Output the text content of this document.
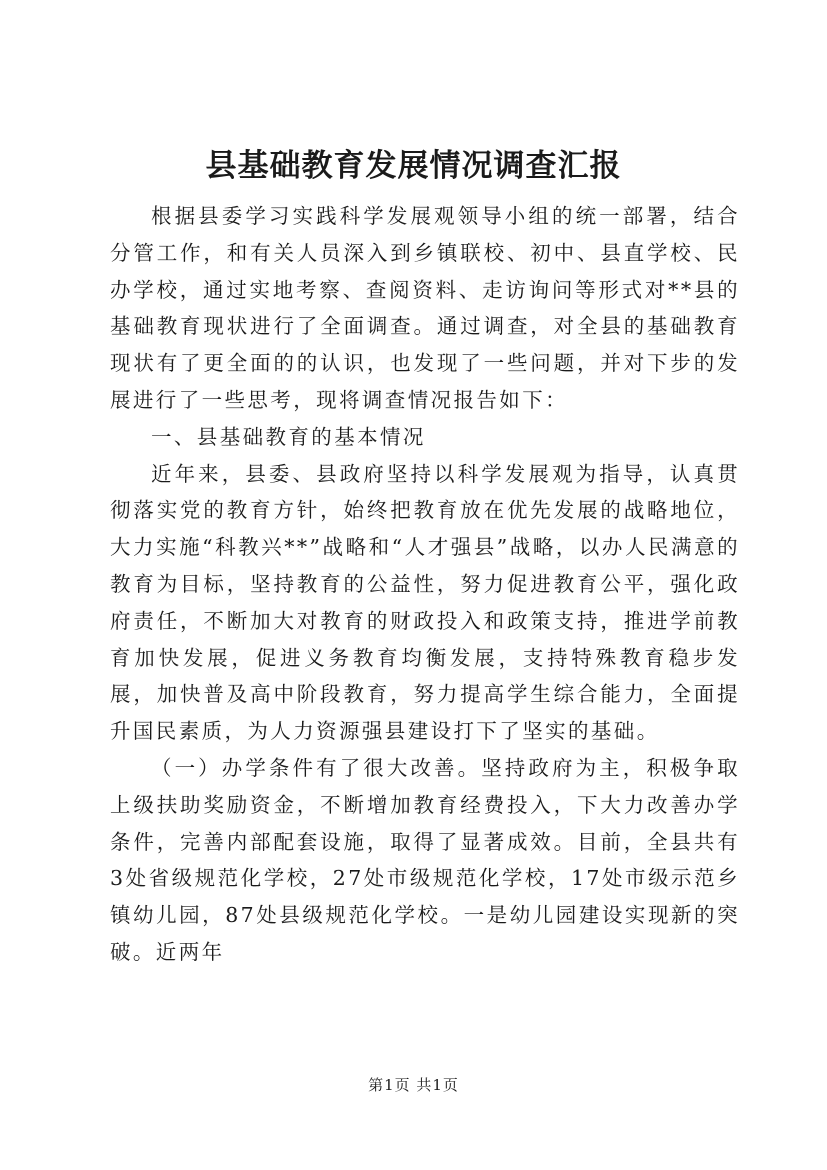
县基础教育发展情况调查汇报

根据县委学习实践科学发展观领导小组的统一部署，结合分管工作，和有关人员深入到乡镇联校、初中、县直学校、民办学校，通过实地考察、查阅资料、走访询问等形式对**县的基础教育现状进行了全面调查。通过调查，对全县的基础教育现状有了更全面的的认识，也发现了一些问题，并对下步的发展进行了一些思考，现将调查情况报告如下：

一、县基础教育的基本情况

近年来，县委、县政府坚持以科学发展观为指导，认真贯彻落实党的教育方针，始终把教育放在优先发展的战略地位，大力实施“科教兴**”战略和“人才强县”战略，以办人民满意的教育为目标，坚持教育的公益性，努力促进教育公平，强化政府责任，不断加大对教育的财政投入和政策支持，推进学前教育加快发展，促进义务教育均衡发展，支持特殊教育稳步发展，加快普及高中阶段教育，努力提高学生综合能力，全面提升国民素质，为人力资源强县建设打下了坚实的基础。

（一）办学条件有了很大改善。坚持政府为主，积极争取上级扶助奖励资金，不断增加教育经费投入，下大力改善办学条件，完善内部配套设施，取得了显著成效。目前，全县共有3处省级规范化学校，27处市级规范化学校，17处市级示范乡镇幼儿园，87处县级规范化学校。一是幼儿园建设实现新的突破。近两年

第1页 共1页
